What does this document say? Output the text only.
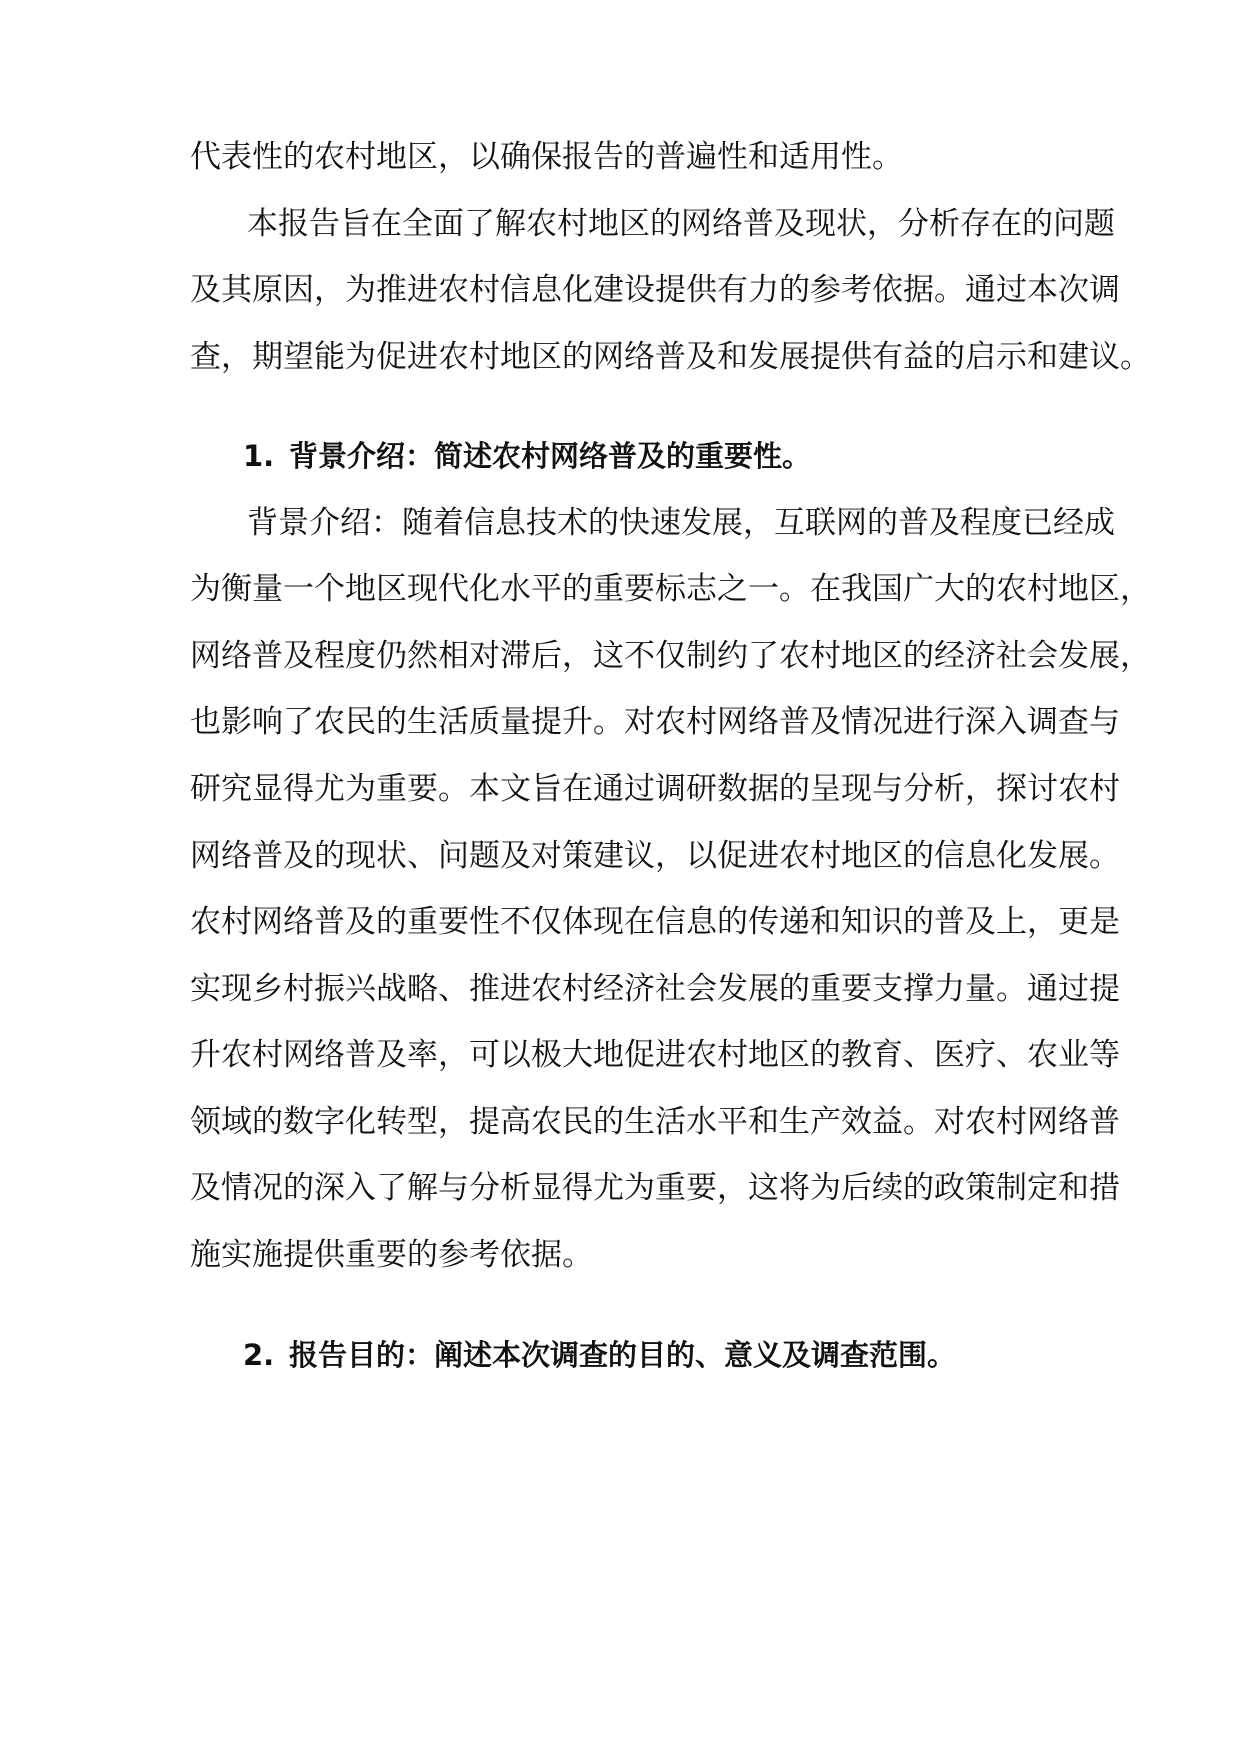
代表性的农村地区，以确保报告的普遍性和适用性。
本报告旨在全面了解农村地区的网络普及现状，分析存在的问题
及其原因，为推进农村信息化建设提供有力的参考依据。通过本次调
查，期望能为促进农村地区的网络普及和发展提供有益的启示和建议。
1. 背景介绍：简述农村网络普及的重要性。
背景介绍：随着信息技术的快速发展，互联网的普及程度已经成
为衡量一个地区现代化水平的重要标志之一。在我国广大的农村地区，
网络普及程度仍然相对滞后，这不仅制约了农村地区的经济社会发展，
也影响了农民的生活质量提升。对农村网络普及情况进行深入调查与
研究显得尤为重要。本文旨在通过调研数据的呈现与分析，探讨农村
网络普及的现状、问题及对策建议，以促进农村地区的信息化发展。
农村网络普及的重要性不仅体现在信息的传递和知识的普及上，更是
实现乡村振兴战略、推进农村经济社会发展的重要支撑力量。通过提
升农村网络普及率，可以极大地促进农村地区的教育、医疗、农业等
领域的数字化转型，提高农民的生活水平和生产效益。对农村网络普
及情况的深入了解与分析显得尤为重要，这将为后续的政策制定和措
施实施提供重要的参考依据。
2. 报告目的：阐述本次调查的目的、意义及调查范围。
